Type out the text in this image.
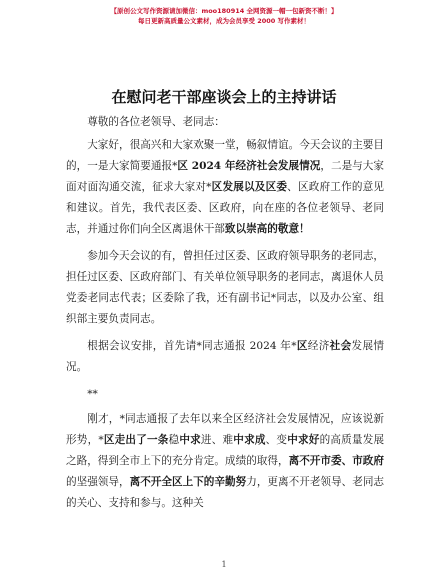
【原创公文写作资源请加微信：moo180914 全网资源一帽一包新资不断！】
每日更新高质量公文素材，成为会员享受 2000 写作素材！
在慰问老干部座谈会上的主持讲话

尊敬的各位老领导、老同志：

大家好，很高兴和大家欢聚一堂，畅叙情谊。今天会议的主要目的，一是大家简要通报*区 2024 年经济社会发展情况，二是与大家面对面沟通交流，征求大家对*区发展以及区委、区政府工作的意见和建议。首先，我代表区委、区政府，向在座的各位老领导、老同志，并通过你们向全区离退休干部致以崇高的敬意！

参加今天会议的有，曾担任过区委、区政府领导职务的老同志，担任过区委、区政府部门、有关单位领导职务的老同志，离退休人员党委老同志代表；区委除了我，还有副书记*同志，以及办公室、组织部主要负责同志。

根据会议安排，首先请*同志通报 2024 年*区经济社会发展情况。

**

刚才，*同志通报了去年以来全区经济社会发展情况，应该说新形势，*区走出了一条稳中求进、难中求成、变中求好的高质量发展之路，得到全市上下的充分肯定。成绩的取得，离不开市委、市政府的坚强领导，离不开全区上下的辛勤努力，更离不开老领导、老同志的关心、支持和参与。这种关

1
